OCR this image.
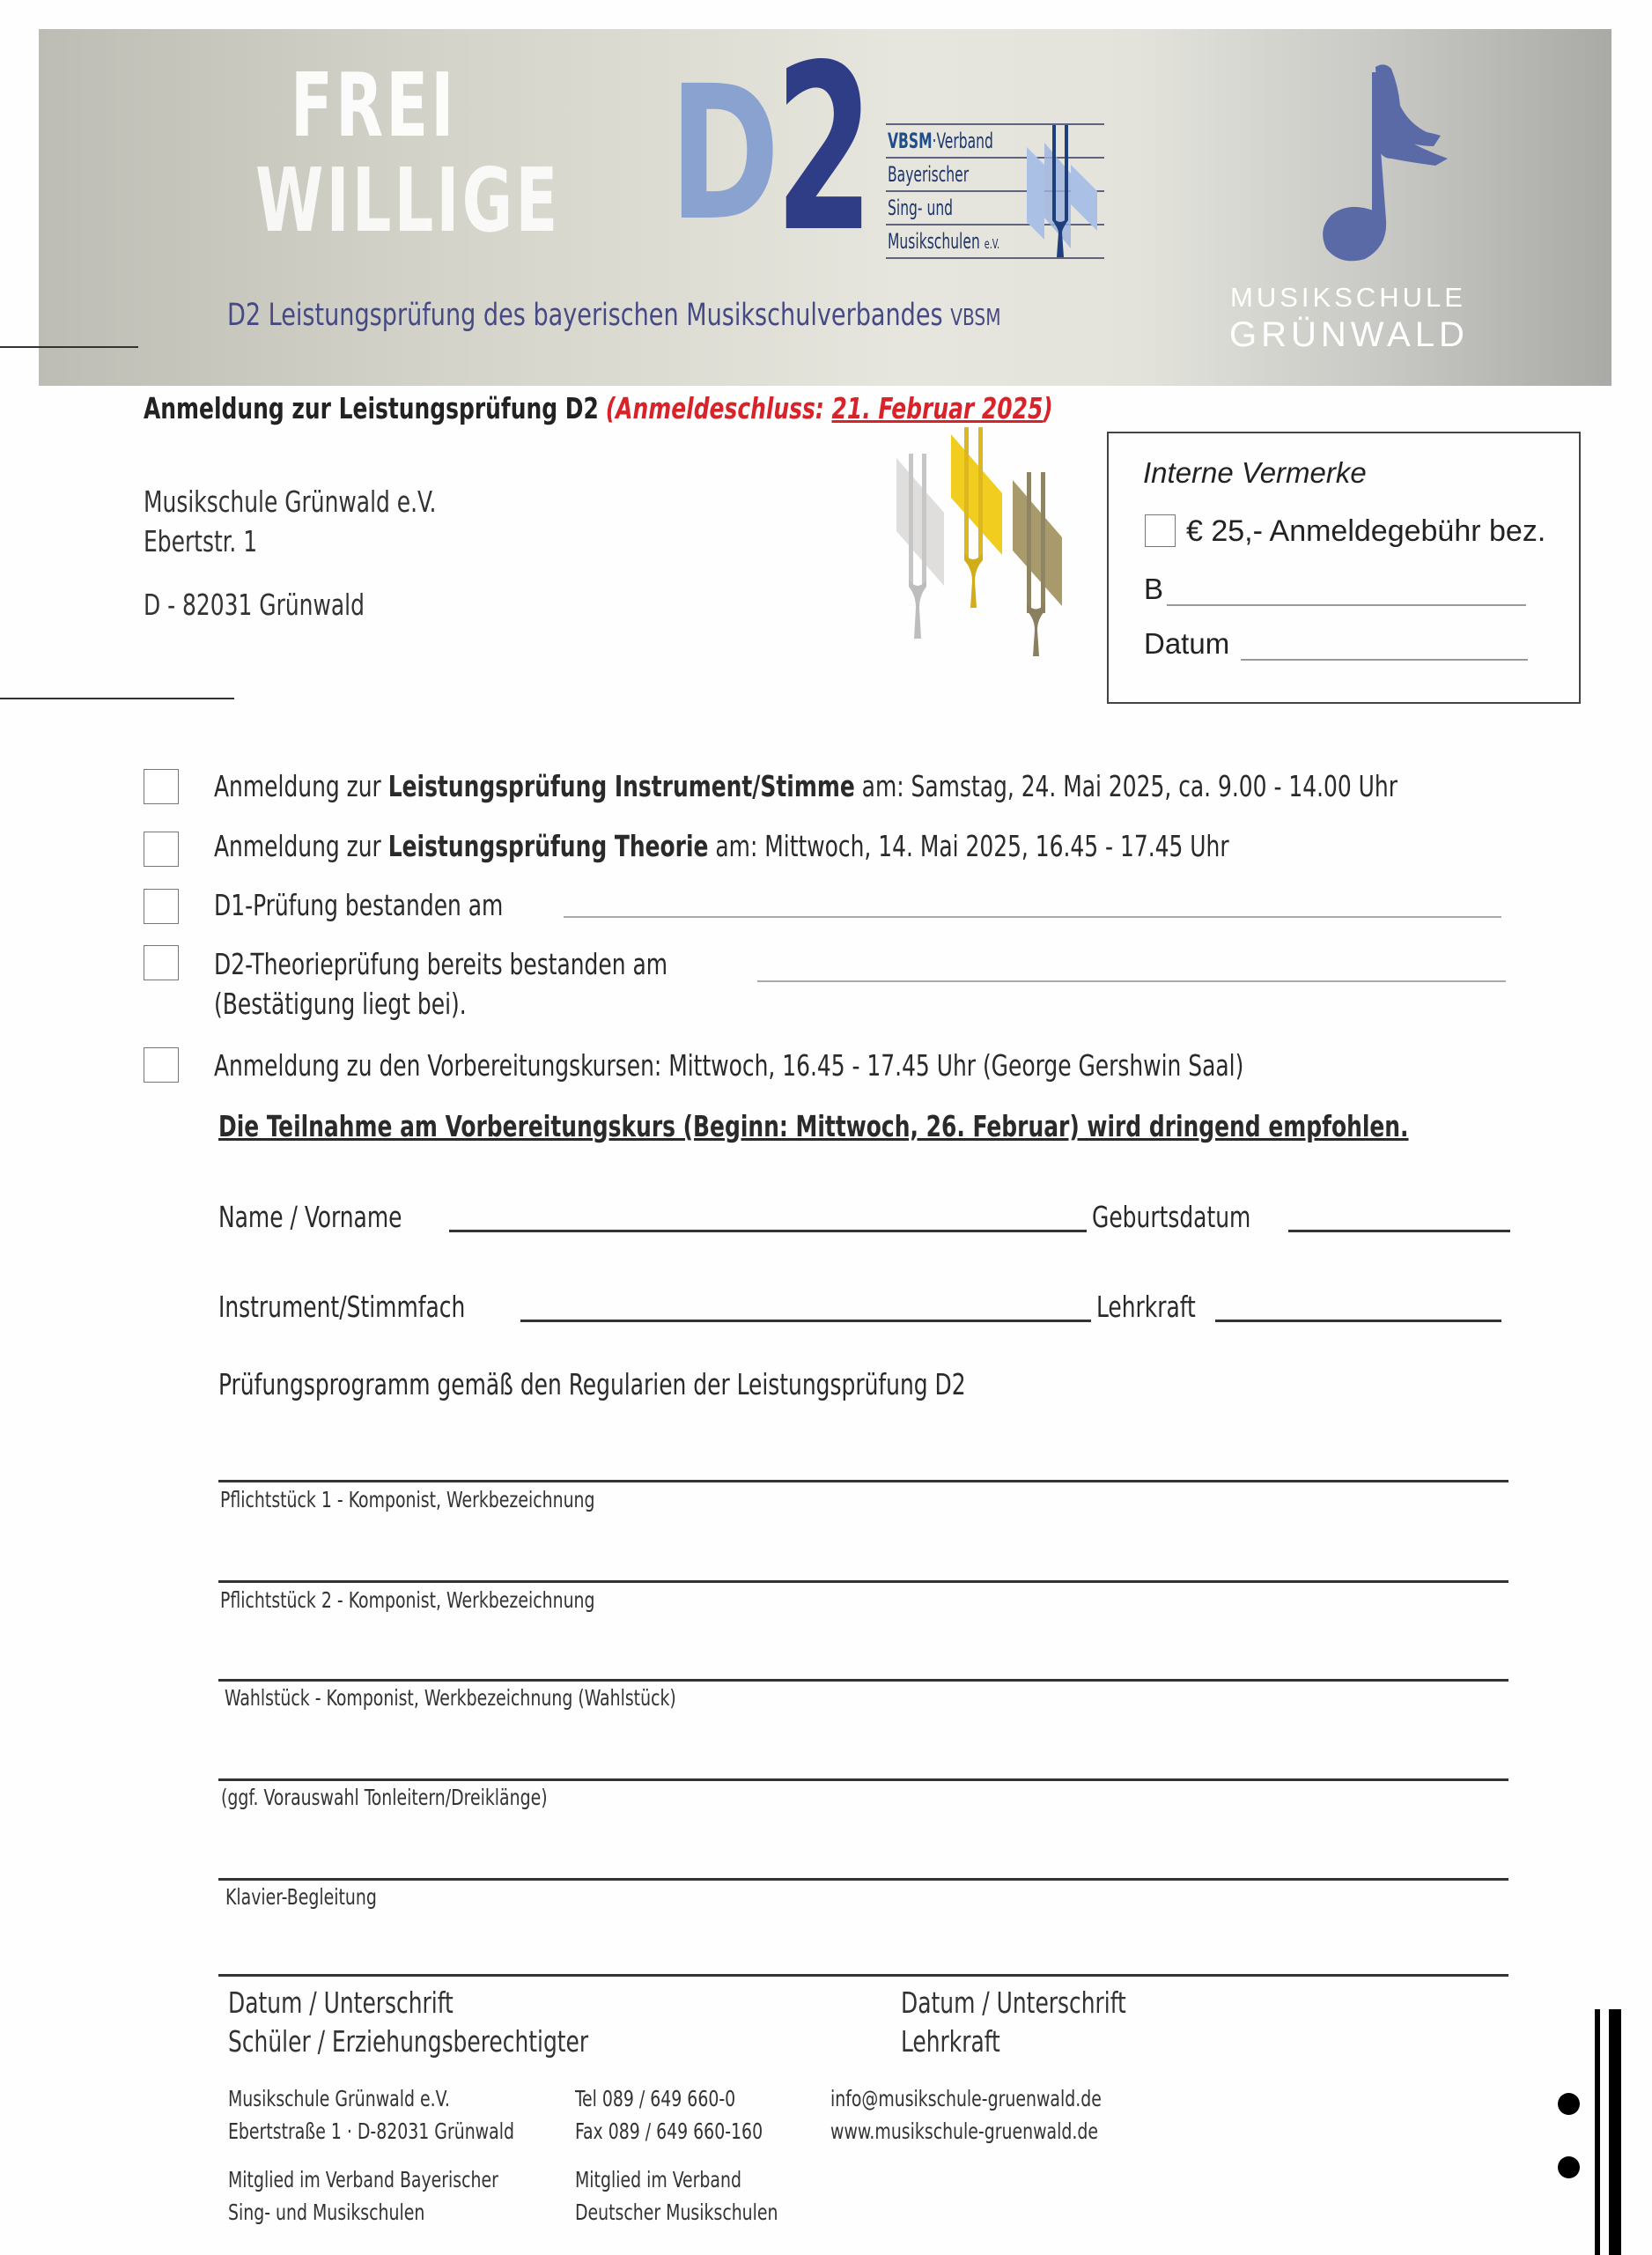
FREI
WILLIGE D
2 VBSM·Verband
Bayerischer
Sing- und
Musikschulen e.V.
D2 Leistungsprüfung des bayerischen Musikschulverbandes VBSM
MUSIKSCHULE
GRÜNWALD
Anmeldung zur Leistungsprüfung D2 (Anmeldeschluss: 21. Februar 2025)
Musikschule Grünwald e.V.
Ebertstr. 1
D - 82031 Grünwald
Interne Vermerke
€ 25,- Anmeldegebühr bez.
B
Datum
Anmeldung zur Leistungsprüfung Instrument/Stimme am: Samstag, 24. Mai 2025, ca. 9.00 - 14.00 Uhr
Anmeldung zur Leistungsprüfung Theorie am: Mittwoch, 14. Mai 2025, 16.45 - 17.45 Uhr
D1-Prüfung bestanden am
D2-Theorieprüfung bereits bestanden am
(Bestätigung liegt bei).
Anmeldung zu den Vorbereitungskursen: Mittwoch, 16.45 - 17.45 Uhr (George Gershwin Saal)
Die Teilnahme am Vorbereitungskurs (Beginn: Mittwoch, 26. Februar) wird dringend empfohlen.
Name / Vorname	Geburtsdatum
Instrument/Stimmfach	Lehrkraft
Prüfungsprogramm gemäß den Regularien der Leistungsprüfung D2
Pflichtstück 1 - Komponist, Werkbezeichnung
Pflichtstück 2 - Komponist, Werkbezeichnung
Wahlstück - Komponist, Werkbezeichnung (Wahlstück)
(ggf. Vorauswahl Tonleitern/Dreiklänge)
Klavier-Begleitung
Datum / Unterschrift
Schüler / Erziehungsberechtigter
Datum / Unterschrift
Lehrkraft
Musikschule Grünwald e.V.
Ebertstraße 1 · D-82031 Grünwald
Tel 089 / 649 660-0
Fax 089 / 649 660-160
info@musikschule-gruenwald.de
www.musikschule-gruenwald.de
Mitglied im Verband Bayerischer
Sing- und Musikschulen
Mitglied im Verband
Deutscher Musikschulen
